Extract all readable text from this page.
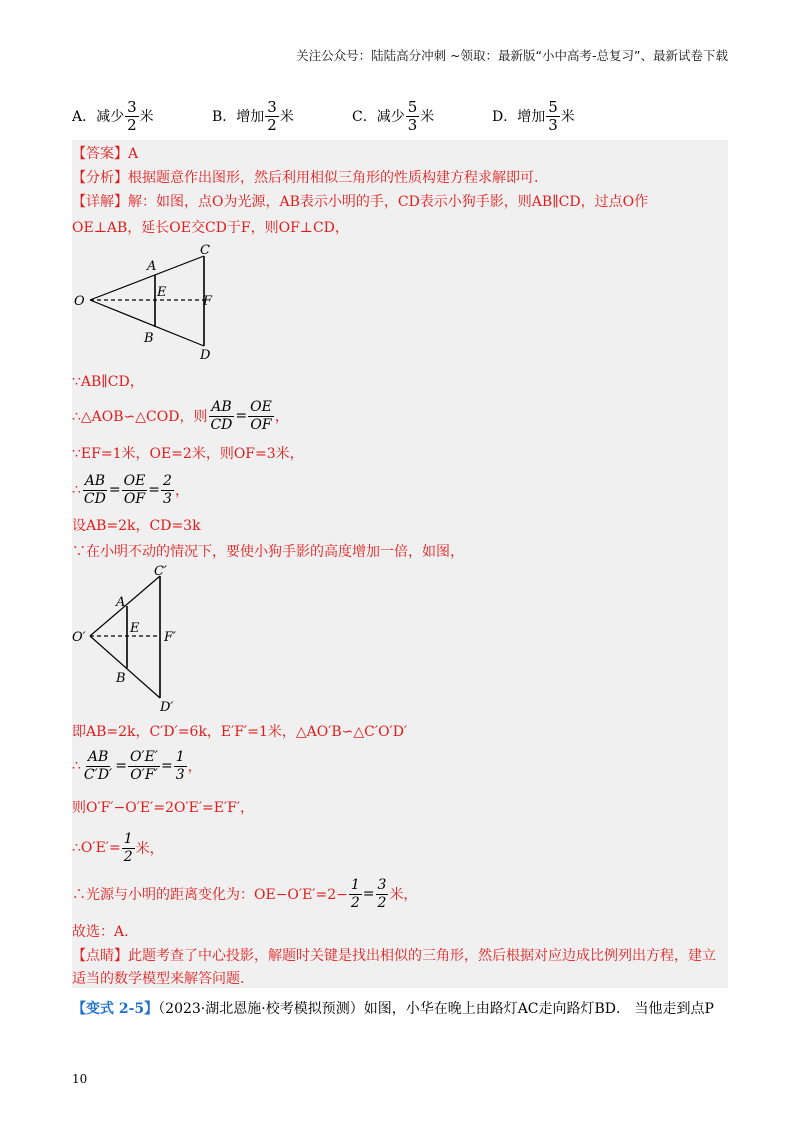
关注公众号：陆陆高分冲刺 ~领取：最新版“小中高考-总复习”、最新试卷下载
A．减少 $\frac{3}{2}$ 米	B．增加 $\frac{3}{2}$ 米	C．减少 $\frac{5}{3}$ 米	D．增加 $\frac{5}{3}$ 米
【答案】A
【分析】根据题意作出图形，然后利用相似三角形的性质构建方程求解即可.
【详解】解：如图，点O为光源，AB表示小明的手，CD表示小狗手影，则AB∥CD，过点O作
OE⊥AB，延长OE交CD于F，则OF⊥CD，
O
A
B
C
D
E
F
∵AB∥CD，
∴△AOB∽△COD，则 $\frac{AB}{CD} = \frac{OE}{OF}$ ，
∵EF=1米，OE=2米，则OF=3米，
∴ $\frac{AB}{CD} = \frac{OE}{OF} = \frac{2}{3}$ ，
设AB=2k，CD=3k
∵在小明不动的情况下，要使小狗手影的高度增加一倍，如图，
O′
A
B
C′
D′
E
F′
即AB=2k，C′D′=6k，E′F′=1米，△AO′B∽△C′O′D′
∴ $\frac{AB}{C'D'} = \frac{O'E'}{O'F'} = \frac{1}{3}$ ，
则O′F′−O′E′=2O′E′=E′F′，
∴O′E′= $\frac{1}{2}$ 米，
∴光源与小明的距离变化为：$OE-O'E'=2- \frac{1}{2} = \frac{3}{2}$ 米，
故选：A.
【点睛】此题考查了中心投影，解题时关键是找出相似的三角形，然后根据对应边成比例列出方程，建立
适当的数学模型来解答问题.
【变式 2-5】（2023·湖北恩施·校考模拟预测）如图，小华在晚上由路灯AC走向路灯BD． 当他走到点P
10
